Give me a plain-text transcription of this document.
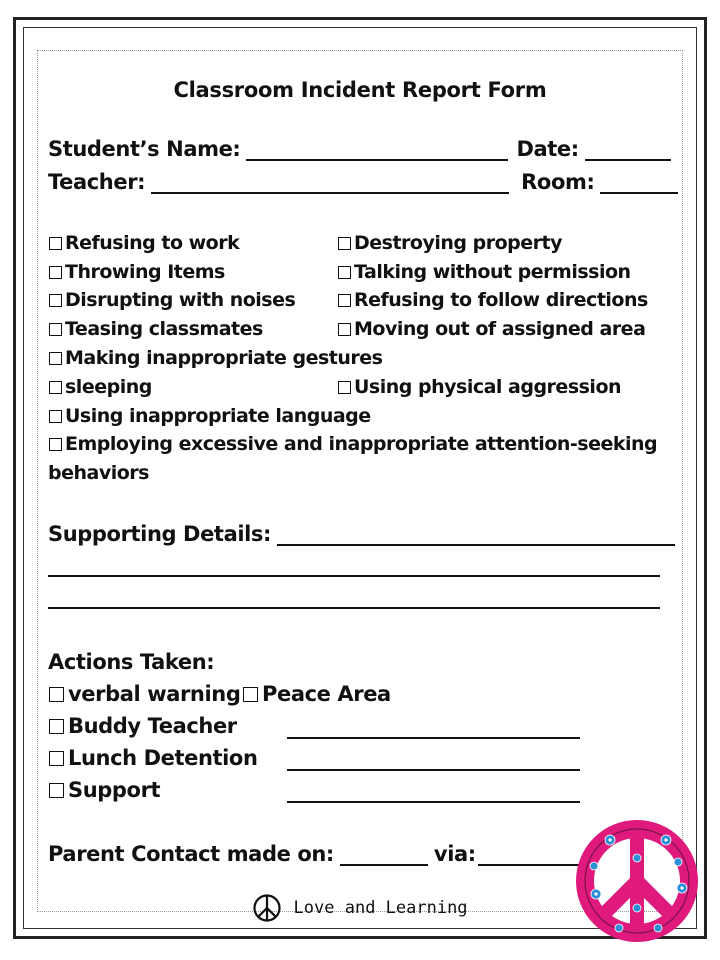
Classroom Incident Report Form
Student’s Name:	Date:
Teacher:	Room:
Refusing to work	Destroying property
Throwing Items	Talking without permission
Disrupting with noises	Refusing to follow directions
Teasing classmates	Moving out of assigned area
Making inappropriate gestures
sleeping	Using physical aggression
Using inappropriate language
Employing excessive and inappropriate attention-seeking
behaviors
Supporting Details:
Actions Taken:
verbal warning	Peace Area
Buddy Teacher
Lunch Detention
Support
Parent Contact made on:	via:
Love and Learning
